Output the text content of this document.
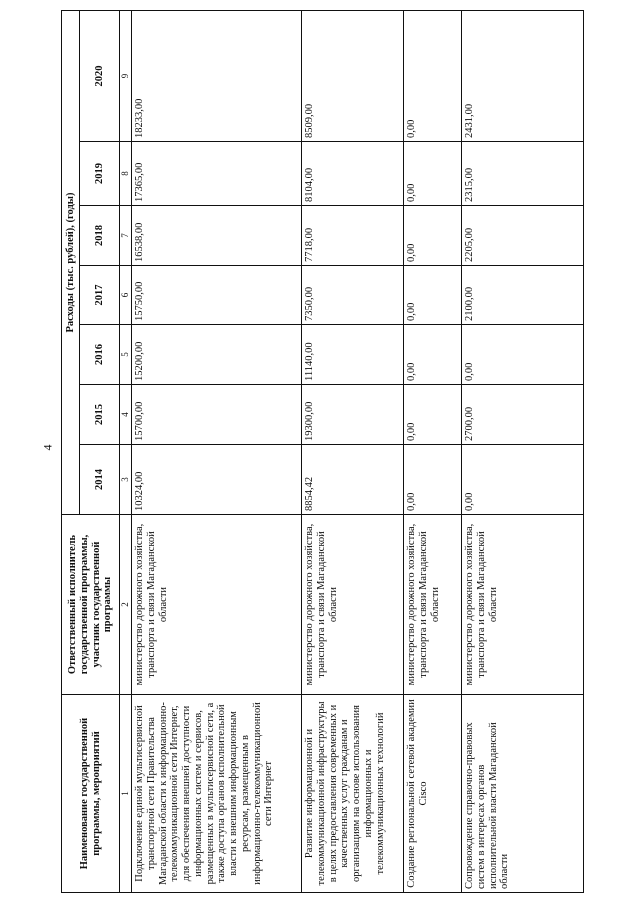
4
Наименование государственной программы, мероприятий	Ответственный исполнитель государственной программы, участник государственной программы	Расходы (тыс. рублей), (годы)						
		2014	2015	2016	2017	2018	2019	2020
1	2	3	4	5	6	7	8	9
Подключение единой мультисервисной транспортной сети Правительства Магаданской области к информационно-телекоммуникационной сети Интернет, для обеспечения внешней доступности информационных систем и сервисов, размещенных в мультисервисной сети, а также доступа органов исполнительной власти к внешним информационным ресурсам, размещенным в информационно-телекоммуникационной сети Интернет	министерство дорожного хозяйства, транспорта и связи Магаданской области	10324,00	15700,00	15200,00	15750,00	16538,00	17365,00	18233,00
Развитие информационной и телекоммуникационной инфраструктуры в целях предоставления современных и качественных услуг гражданам и организациям на основе использования информационных и телекоммуникационных технологий	министерство дорожного хозяйства, транспорта и связи Магаданской области	8854,42	19300,00	11140,00	7350,00	7718,00	8104,00	8509,00
Создание региональной сетевой академии Cisco	министерство дорожного хозяйства, транспорта и связи Магаданской области	0,00	0,00	0,00	0,00	0,00	0,00	0,00
Сопровождение справочно-правовых систем в интересах органов исполнительной власти Магаданской области	министерство дорожного хозяйства, транспорта и связи Магаданской области	0,00	2700,00	0,00	2100,00	2205,00	2315,00	2431,00
